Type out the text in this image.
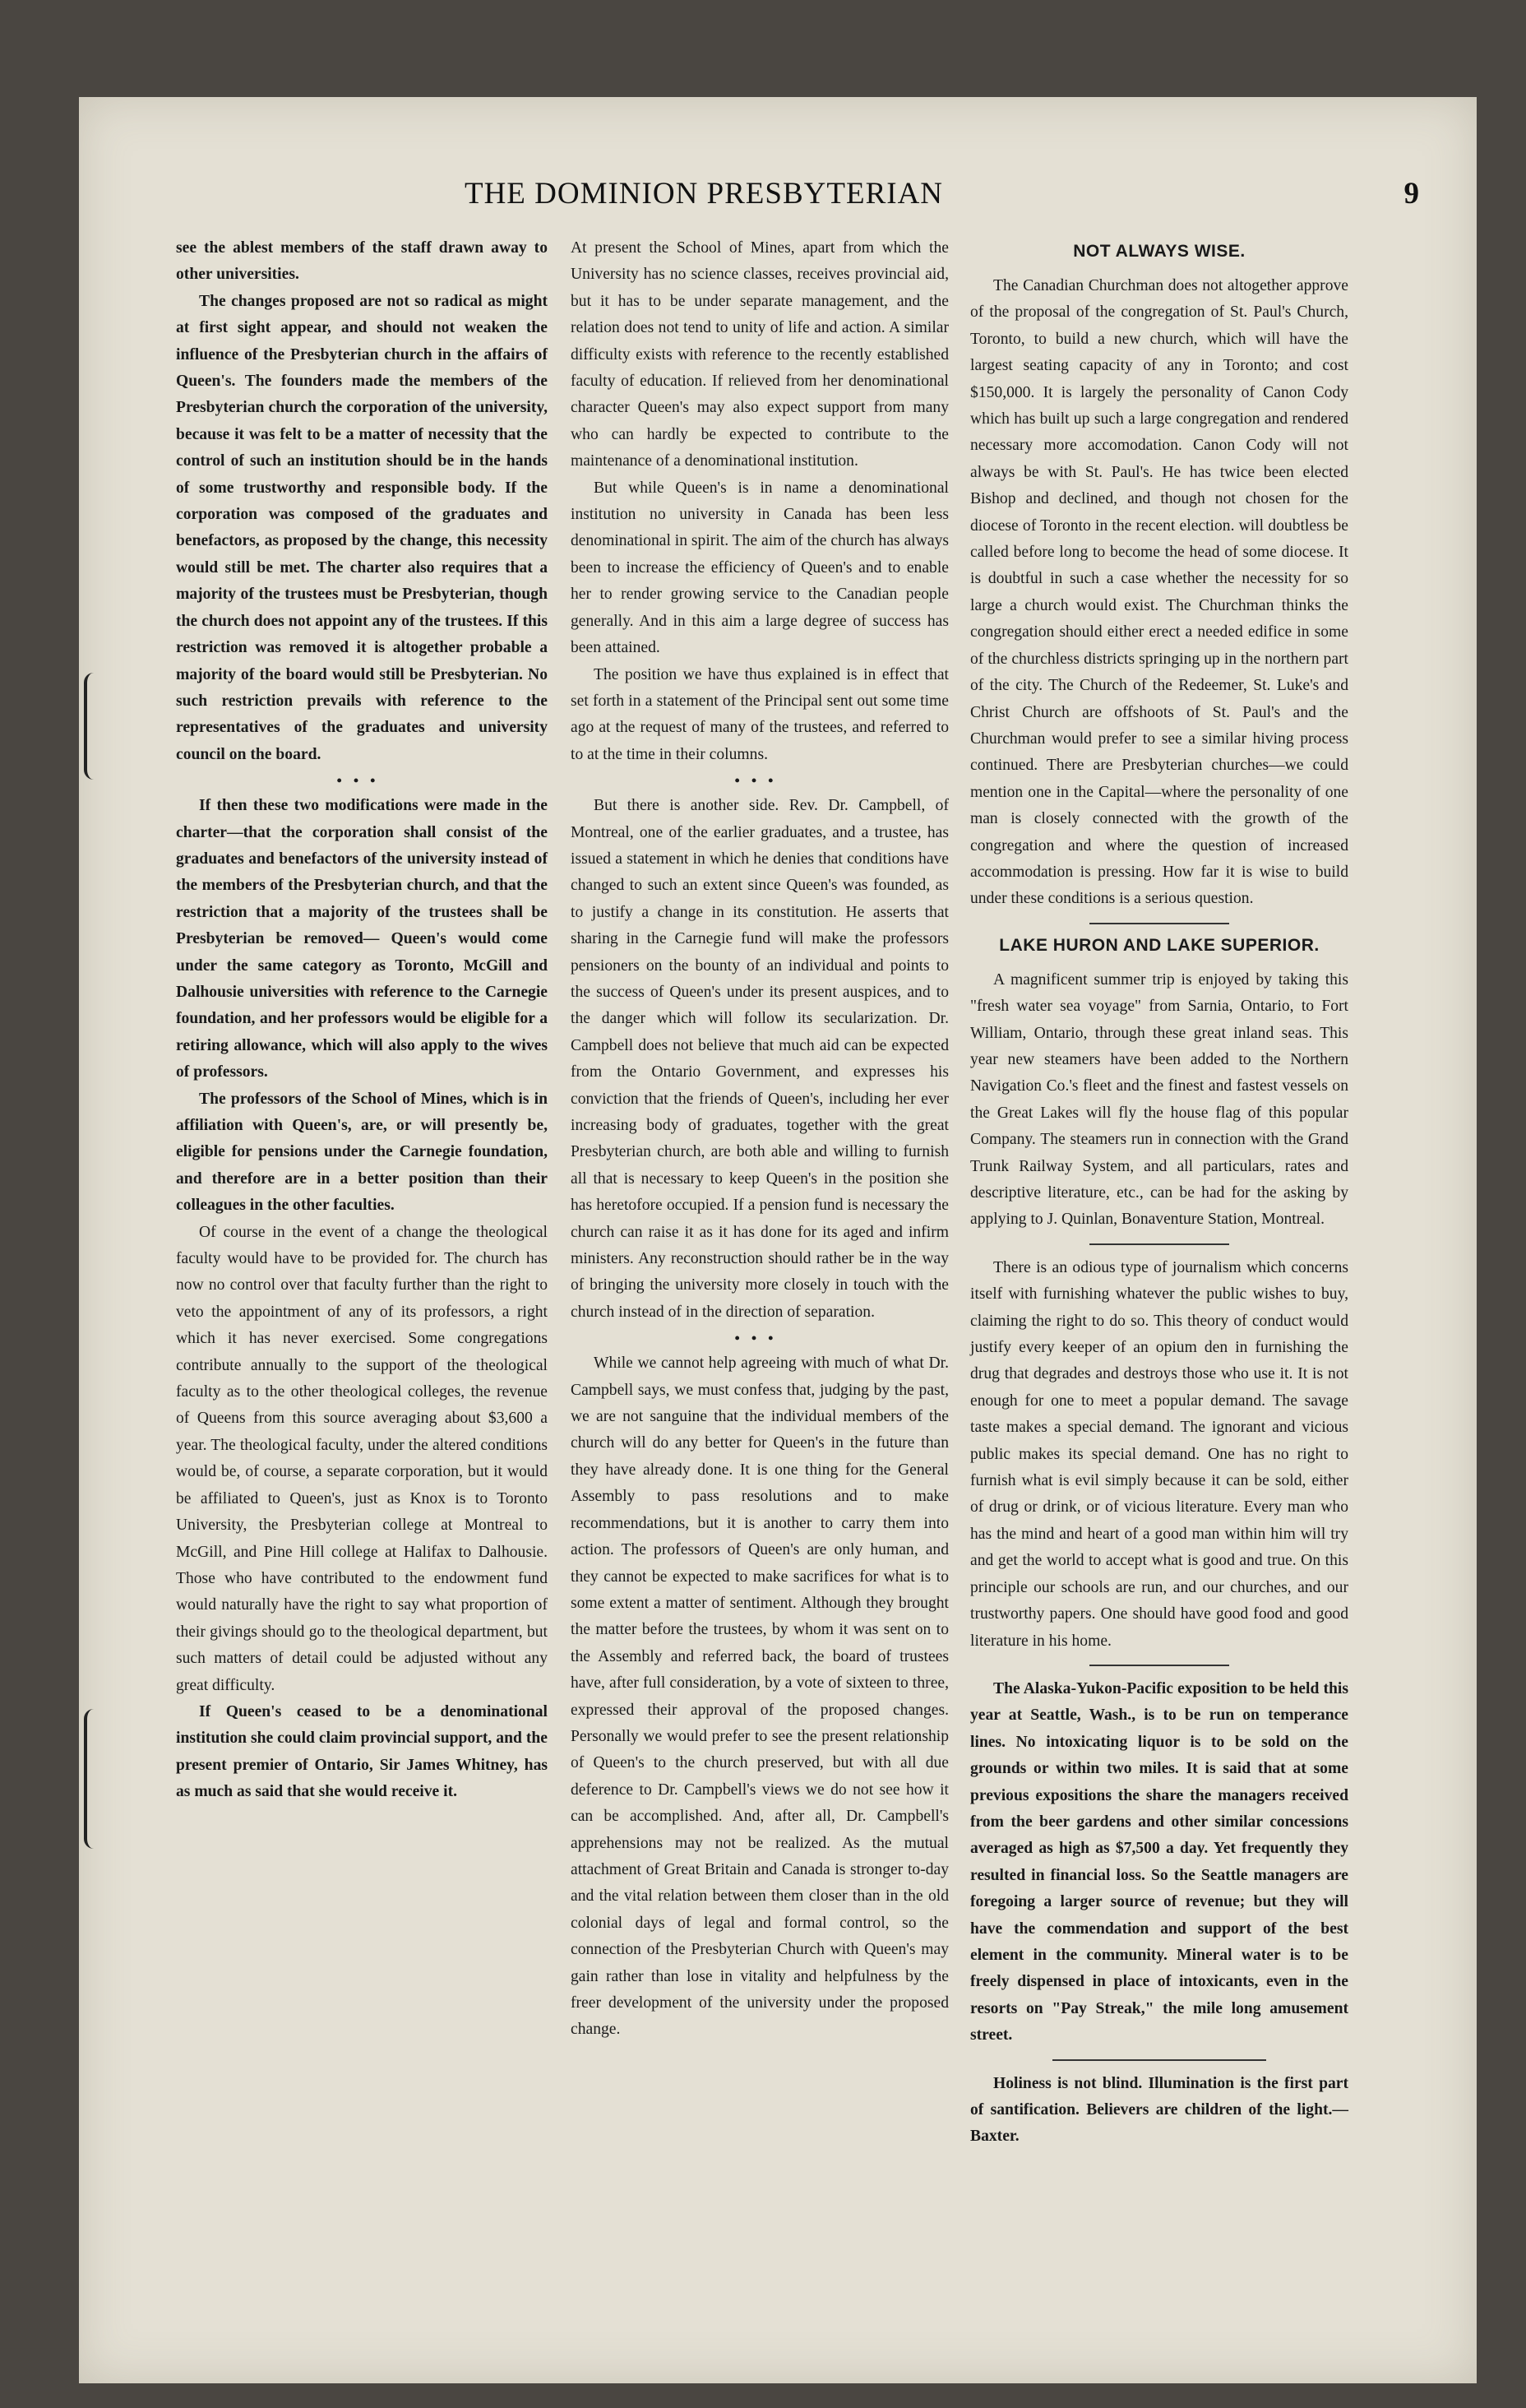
THE DOMINION PRESBYTERIAN	9

see the ablest members of the staff drawn away to other universities.

The changes proposed are not so radical as might at first sight appear, and should not weaken the influence of the Presbyterian church in the affairs of Queen's. The founders made the members of the Presbyterian church the corporation of the university, because it was felt to be a matter of necessity that the control of such an institution should be in the hands of some trustworthy and responsible body. If the corporation was composed of the graduates and benefactors, as proposed by the change, this necessity would still be met. The charter also requires that a majority of the trustees must be Presbyterian, though the church does not appoint any of the trustees. If this restriction was removed it is altogether probable a majority of the board would still be Presbyterian. No such restriction prevails with reference to the representatives of the graduates and university council on the board.

•••

If then these two modifications were made in the charter—that the corporation shall consist of the graduates and benefactors of the university instead of the members of the Presbyterian church, and that the restriction that a majority of the trustees shall be Presbyterian be removed— Queen's would come under the same category as Toronto, McGill and Dalhousie universities with reference to the Carnegie foundation, and her professors would be eligible for a retiring allowance, which will also apply to the wives of professors.

The professors of the School of Mines, which is in affiliation with Queen's, are, or will presently be, eligible for pensions under the Carnegie foundation, and therefore are in a better position than their colleagues in the other faculties.

Of course in the event of a change the theological faculty would have to be provided for. The church has now no control over that faculty further than the right to veto the appointment of any of its professors, a right which it has never exercised. Some congregations contribute annually to the support of the theological faculty as to the other theological colleges, the revenue of Queens from this source averaging about $3,600 a year. The theological faculty, under the altered conditions would be, of course, a separate corporation, but it would be affiliated to Queen's, just as Knox is to Toronto University, the Presbyterian college at Montreal to McGill, and Pine Hill college at Halifax to Dalhousie. Those who have contributed to the endowment fund would naturally have the right to say what proportion of their givings should go to the theological department, but such matters of detail could be adjusted without any great difficulty.

If Queen's ceased to be a denominational institution she could claim provincial support, and the present premier of Ontario, Sir James Whitney, has as much as said that she would receive it.

At present the School of Mines, apart from which the University has no science classes, receives provincial aid, but it has to be under separate management, and the relation does not tend to unity of life and action. A similar difficulty exists with reference to the recently established faculty of education. If relieved from her denominational character Queen's may also expect support from many who can hardly be expected to contribute to the maintenance of a denominational institution.

But while Queen's is in name a denominational institution no university in Canada has been less denominational in spirit. The aim of the church has always been to increase the efficiency of Queen's and to enable her to render growing service to the Canadian people generally. And in this aim a large degree of success has been attained.

The position we have thus explained is in effect that set forth in a statement of the Principal sent out some time ago at the request of many of the trustees, and referred to to at the time in their columns.

•••

But there is another side. Rev. Dr. Campbell, of Montreal, one of the earlier graduates, and a trustee, has issued a statement in which he denies that conditions have changed to such an extent since Queen's was founded, as to justify a change in its constitution. He asserts that sharing in the Carnegie fund will make the professors pensioners on the bounty of an individual and points to the success of Queen's under its present auspices, and to the danger which will follow its secularization. Dr. Campbell does not believe that much aid can be expected from the Ontario Government, and expresses his conviction that the friends of Queen's, including her ever increasing body of graduates, together with the great Presbyterian church, are both able and willing to furnish all that is necessary to keep Queen's in the position she has heretofore occupied. If a pension fund is necessary the church can raise it as it has done for its aged and infirm ministers. Any reconstruction should rather be in the way of bringing the university more closely in touch with the church instead of in the direction of separation.

•••

While we cannot help agreeing with much of what Dr. Campbell says, we must confess that, judging by the past, we are not sanguine that the individual members of the church will do any better for Queen's in the future than they have already done. It is one thing for the General Assembly to pass resolutions and to make recommendations, but it is another to carry them into action. The professors of Queen's are only human, and they cannot be expected to make sacrifices for what is to some extent a matter of sentiment. Although they brought the matter before the trustees, by whom it was sent on to the Assembly and referred back, the board of trustees have, after full consideration, by a vote of sixteen to three, expressed their approval of the proposed changes. Personally we would prefer to see the present relationship of Queen's to the church preserved, but with all due deference to Dr. Campbell's views we do not see how it can be accomplished. And, after all, Dr. Campbell's apprehensions may not be realized. As the mutual attachment of Great Britain and Canada is stronger to-day and the vital relation between them closer than in the old colonial days of legal and formal control, so the connection of the Presbyterian Church with Queen's may gain rather than lose in vitality and helpfulness by the freer development of the university under the proposed change.

NOT ALWAYS WISE.

The Canadian Churchman does not altogether approve of the proposal of the congregation of St. Paul's Church, Toronto, to build a new church, which will have the largest seating capacity of any in Toronto; and cost $150,000. It is largely the personality of Canon Cody which has built up such a large congregation and rendered necessary more accomodation. Canon Cody will not always be with St. Paul's. He has twice been elected Bishop and declined, and though not chosen for the diocese of Toronto in the recent election. will doubtless be called before long to become the head of some diocese. It is doubtful in such a case whether the necessity for so large a church would exist. The Churchman thinks the congregation should either erect a needed edifice in some of the churchless districts springing up in the northern part of the city. The Church of the Redeemer, St. Luke's and Christ Church are offshoots of St. Paul's and the Churchman would prefer to see a similar hiving process continued. There are Presbyterian churches—we could mention one in the Capital—where the personality of one man is closely connected with the growth of the congregation and where the question of increased accommodation is pressing. How far it is wise to build under these conditions is a serious question.

LAKE HURON AND LAKE SUPERIOR.

A magnificent summer trip is enjoyed by taking this "fresh water sea voyage" from Sarnia, Ontario, to Fort William, Ontario, through these great inland seas. This year new steamers have been added to the Northern Navigation Co.'s fleet and the finest and fastest vessels on the Great Lakes will fly the house flag of this popular Company. The steamers run in connection with the Grand Trunk Railway System, and all particulars, rates and descriptive literature, etc., can be had for the asking by applying to J. Quinlan, Bonaventure Station, Montreal.

There is an odious type of journalism which concerns itself with furnishing whatever the public wishes to buy, claiming the right to do so. This theory of conduct would justify every keeper of an opium den in furnishing the drug that degrades and destroys those who use it. It is not enough for one to meet a popular demand. The savage taste makes a special demand. The ignorant and vicious public makes its special demand. One has no right to furnish what is evil simply because it can be sold, either of drug or drink, or of vicious literature. Every man who has the mind and heart of a good man within him will try and get the world to accept what is good and true. On this principle our schools are run, and our churches, and our trustworthy papers. One should have good food and good literature in his home.

The Alaska-Yukon-Pacific exposition to be held this year at Seattle, Wash., is to be run on temperance lines. No intoxicating liquor is to be sold on the grounds or within two miles. It is said that at some previous expositions the share the managers received from the beer gardens and other similar concessions averaged as high as $7,500 a day. Yet frequently they resulted in financial loss. So the Seattle managers are foregoing a larger source of revenue; but they will have the commendation and support of the best element in the community. Mineral water is to be freely dispensed in place of intoxicants, even in the resorts on "Pay Streak," the mile long amusement street.

Holiness is not blind. Illumination is the first part of santification. Believers are children of the light.—Baxter.
